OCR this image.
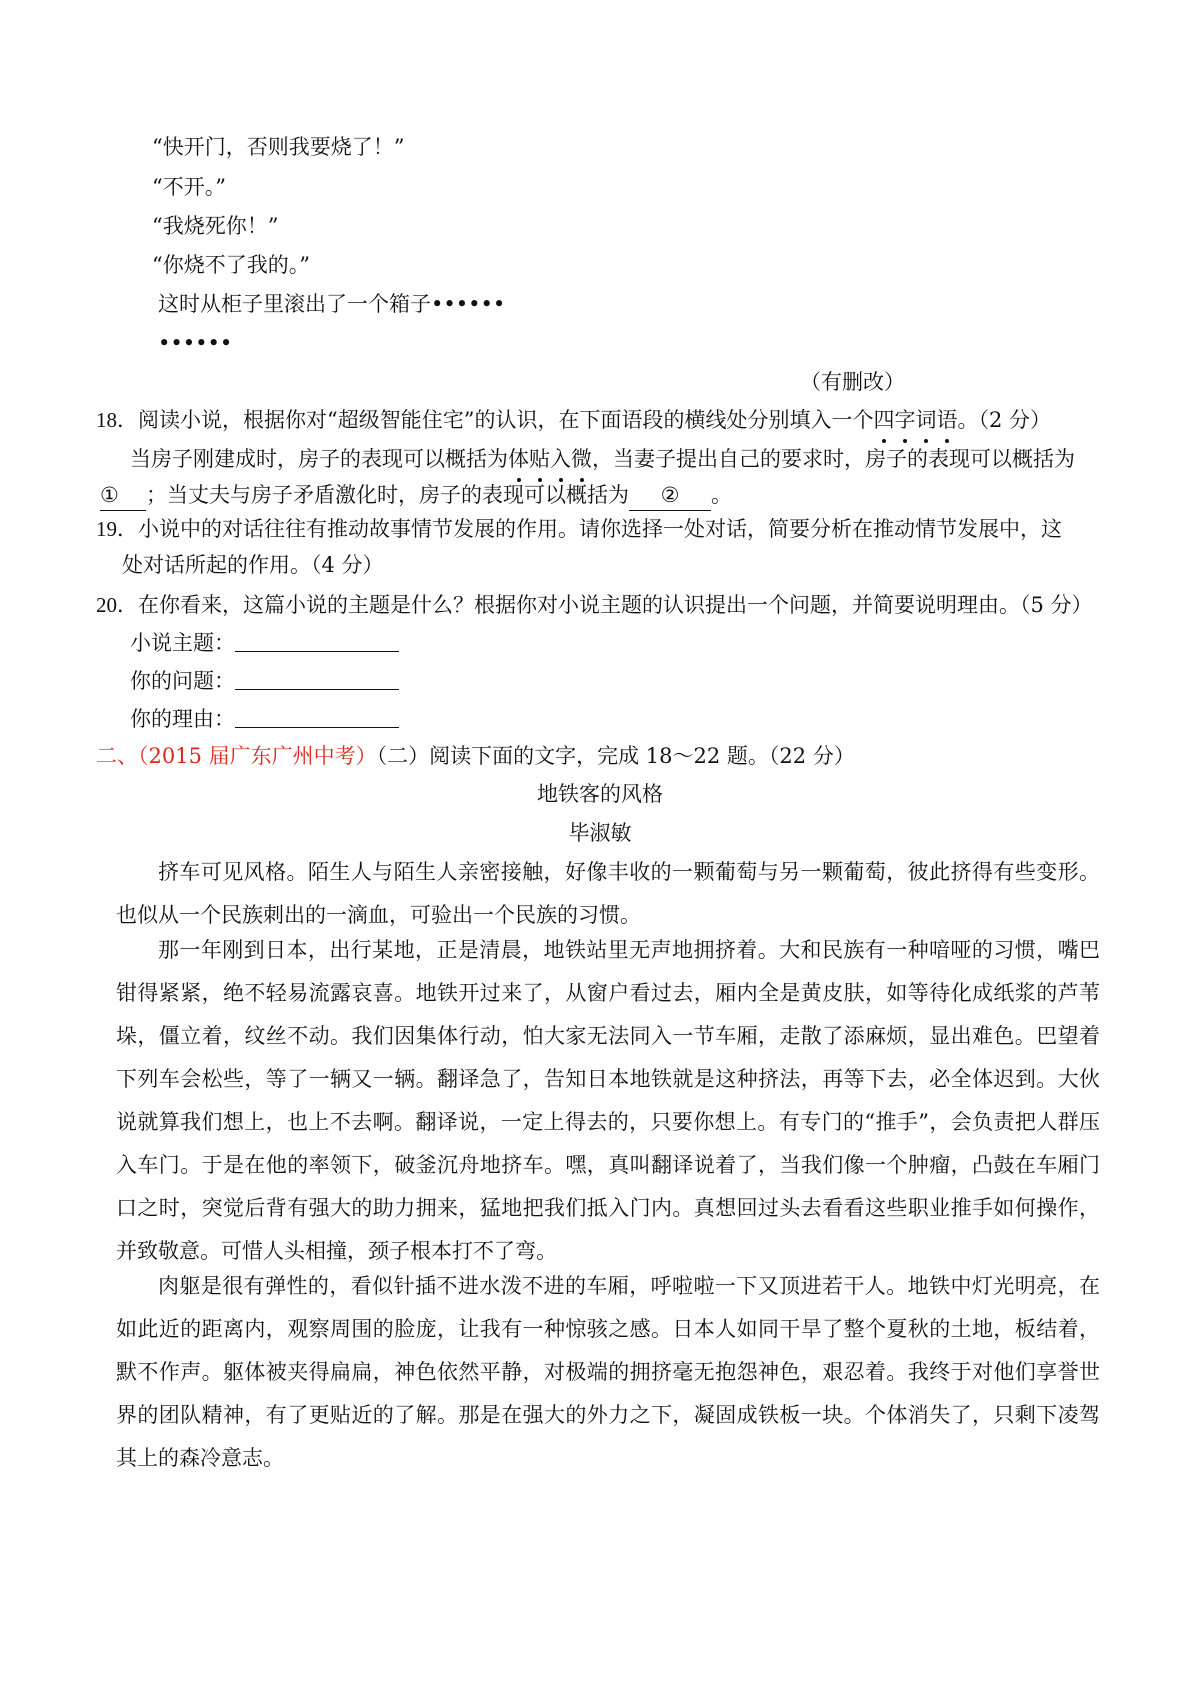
“快开门，否则我要烧了！”
“不开。”
“我烧死你！”
“你烧不了我的。”
这时从柜子里滚出了一个箱子••••••
••••••
（有删改）
18．阅读小说，根据你对“超级智能住宅”的认识，在下面语段的横线处分别填入一个四字词语。（2 分）
当房子刚建成时，房子的表现可以概括为体贴入微，当妻子提出自己的要求时，房子的表现可以概括为
① ；当丈夫与房子矛盾激化时，房子的表现可以概括为 ② 。
19．小说中的对话往往有推动故事情节发展的作用。请你选择一处对话，简要分析在推动情节发展中，这
处对话所起的作用。（4 分）
20．在你看来，这篇小说的主题是什么？根据你对小说主题的认识提出一个问题，并简要说明理由。（5 分）
小说主题：
你的问题：
你的理由：
二、（2015 届广东广州中考）（二）阅读下面的文字，完成 18～22 题。（22 分）
地铁客的风格
毕淑敏
挤车可见风格。陌生人与陌生人亲密接触，好像丰收的一颗葡萄与另一颗葡萄，彼此挤得有些变形。也似从一个民族刺出的一滴血，可验出一个民族的习惯。
那一年刚到日本，出行某地，正是清晨，地铁站里无声地拥挤着。大和民族有一种喑哑的习惯，嘴巴钳得紧紧，绝不轻易流露哀喜。地铁开过来了，从窗户看过去，厢内全是黄皮肤，如等待化成纸浆的芦苇垛，僵立着，纹丝不动。我们因集体行动，怕大家无法同入一节车厢，走散了添麻烦，显出难色。巴望着下列车会松些，等了一辆又一辆。翻译急了，告知日本地铁就是这种挤法，再等下去，必全体迟到。大伙说就算我们想上，也上不去啊。翻译说，一定上得去的，只要你想上。有专门的“推手”，会负责把人群压入车门。于是在他的率领下，破釜沉舟地挤车。嘿，真叫翻译说着了，当我们像一个肿瘤，凸鼓在车厢门口之时，突觉后背有强大的助力拥来，猛地把我们抵入门内。真想回过头去看看这些职业推手如何操作，并致敬意。可惜人头相撞，颈子根本打不了弯。
肉躯是很有弹性的，看似针插不进水泼不进的车厢，呼啦啦一下又顶进若干人。地铁中灯光明亮，在如此近的距离内，观察周围的脸庞，让我有一种惊骇之感。日本人如同干旱了整个夏秋的土地，板结着，默不作声。躯体被夹得扁扁，神色依然平静，对极端的拥挤毫无抱怨神色，艰忍着。我终于对他们享誉世界的团队精神，有了更贴近的了解。那是在强大的外力之下，凝固成铁板一块。个体消失了，只剩下凌驾其上的森冷意志。
